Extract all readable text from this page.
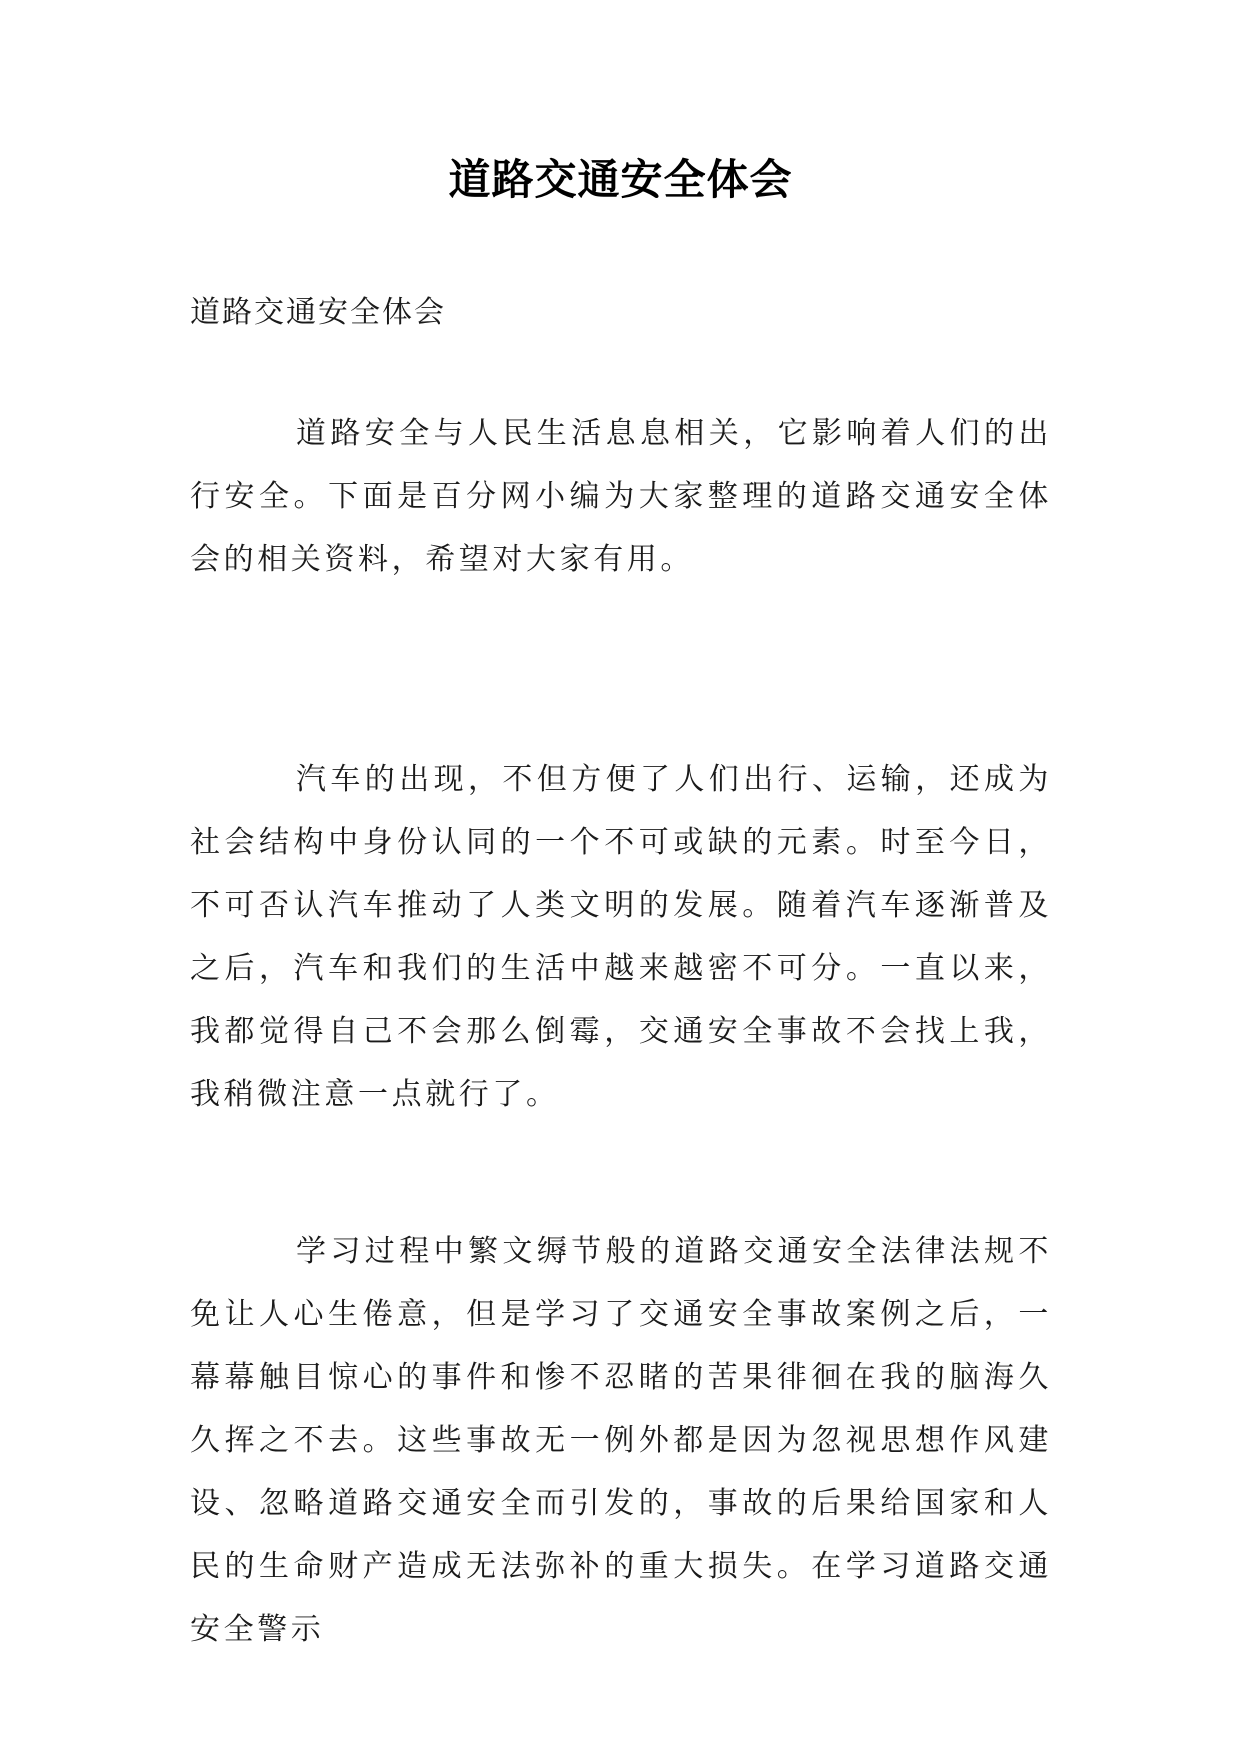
道路交通安全体会
道路交通安全体会

道路安全与人民生活息息相关，它影响着人们的出行安全。下面是百分网小编为大家整理的道路交通安全体会的相关资料，希望对大家有用。

汽车的出现，不但方便了人们出行、运输，还成为社会结构中身份认同的一个不可或缺的元素。时至今日，不可否认汽车推动了人类文明的发展。随着汽车逐渐普及之后，汽车和我们的生活中越来越密不可分。一直以来，我都觉得自己不会那么倒霉，交通安全事故不会找上我，我稍微注意一点就行了。

学习过程中繁文缛节般的道路交通安全法律法规不免让人心生倦意，但是学习了交通安全事故案例之后，一幕幕触目惊心的事件和惨不忍睹的苦果徘徊在我的脑海久久挥之不去。这些事故无一例外都是因为忽视思想作风建设、忽略道路交通安全而引发的，事故的后果给国家和人民的生命财产造成无法弥补的重大损失。在学习道路交通安全警示
